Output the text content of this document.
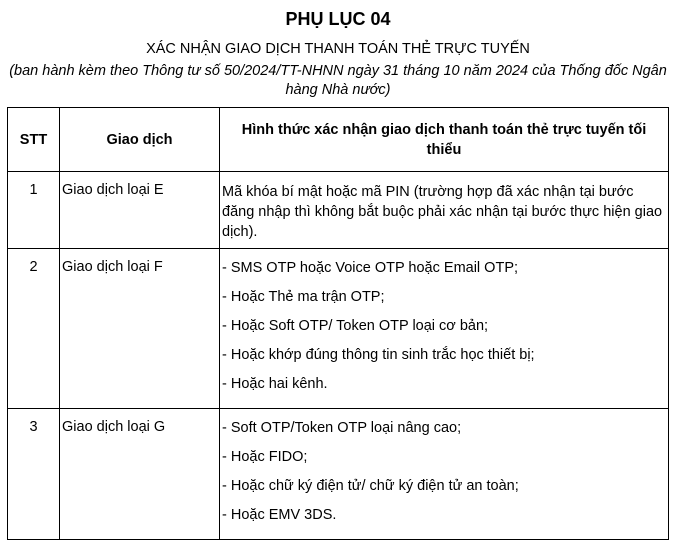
PHỤ LỤC 04
XÁC NHẬN GIAO DỊCH THANH TOÁN THẺ TRỰC TUYẾN
(ban hành kèm theo Thông tư số 50/2024/TT-NHNN ngày 31 tháng 10 năm 2024 của Thống đốc Ngân hàng Nhà nước)
STT	Giao dịch	Hình thức xác nhận giao dịch thanh toán thẻ trực tuyến tối thiểu
1	Giao dịch loại E	Mã khóa bí mật hoặc mã PIN (trường hợp đã xác nhận tại bước đăng nhập thì không bắt buộc phải xác nhận tại bước thực hiện giao dịch).
2	Giao dịch loại F	- SMS OTP hoặc Voice OTP hoặc Email OTP;
- Hoặc Thẻ ma trận OTP;
- Hoặc Soft OTP/ Token OTP loại cơ bản;
- Hoặc khớp đúng thông tin sinh trắc học thiết bị;
- Hoặc hai kênh.

3	Giao dịch loại G	- Soft OTP/Token OTP loại nâng cao;
- Hoặc FIDO;
- Hoặc chữ ký điện tử/ chữ ký điện tử an toàn;
- Hoặc EMV 3DS.
